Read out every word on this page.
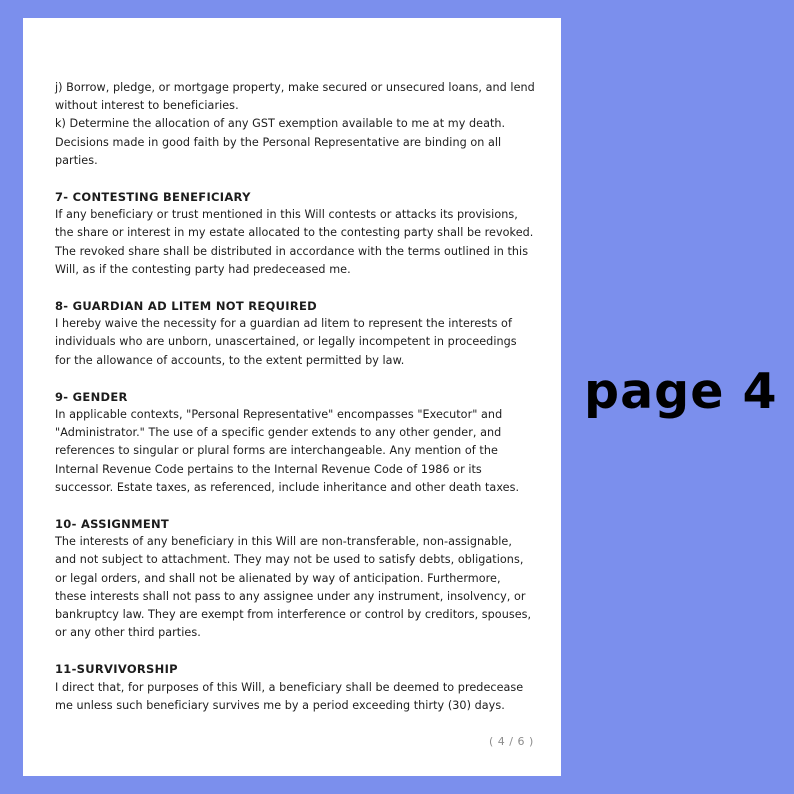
j) Borrow, pledge, or mortgage property, make secured or unsecured loans, and lend without interest to beneficiaries.

k) Determine the allocation of any GST exemption available to me at my death. Decisions made in good faith by the Personal Representative are binding on all parties.

7- CONTESTING BENEFICIARY

If any beneficiary or trust mentioned in this Will contests or attacks its provisions, the share or interest in my estate allocated to the contesting party shall be revoked. The revoked share shall be distributed in accordance with the terms outlined in this Will, as if the contesting party had predeceased me.

8- GUARDIAN AD LITEM NOT REQUIRED

I hereby waive the necessity for a guardian ad litem to represent the interests of individuals who are unborn, unascertained, or legally incompetent in proceedings for the allowance of accounts, to the extent permitted by law.

9- GENDER

In applicable contexts, "Personal Representative" encompasses "Executor" and "Administrator." The use of a specific gender extends to any other gender, and references to singular or plural forms are interchangeable. Any mention of the Internal Revenue Code pertains to the Internal Revenue Code of 1986 or its successor. Estate taxes, as referenced, include inheritance and other death taxes.

10- ASSIGNMENT

The interests of any beneficiary in this Will are non-transferable, non-assignable, and not subject to attachment. They may not be used to satisfy debts, obligations, or legal orders, and shall not be alienated by way of anticipation. Furthermore, these interests shall not pass to any assignee under any instrument, insolvency, or bankruptcy law. They are exempt from interference or control by creditors, spouses, or any other third parties.

11-SURVIVORSHIP

I direct that, for purposes of this Will, a beneficiary shall be deemed to predecease me unless such beneficiary survives me by a period exceeding thirty (30) days.

( 4 / 6 )
page 4
